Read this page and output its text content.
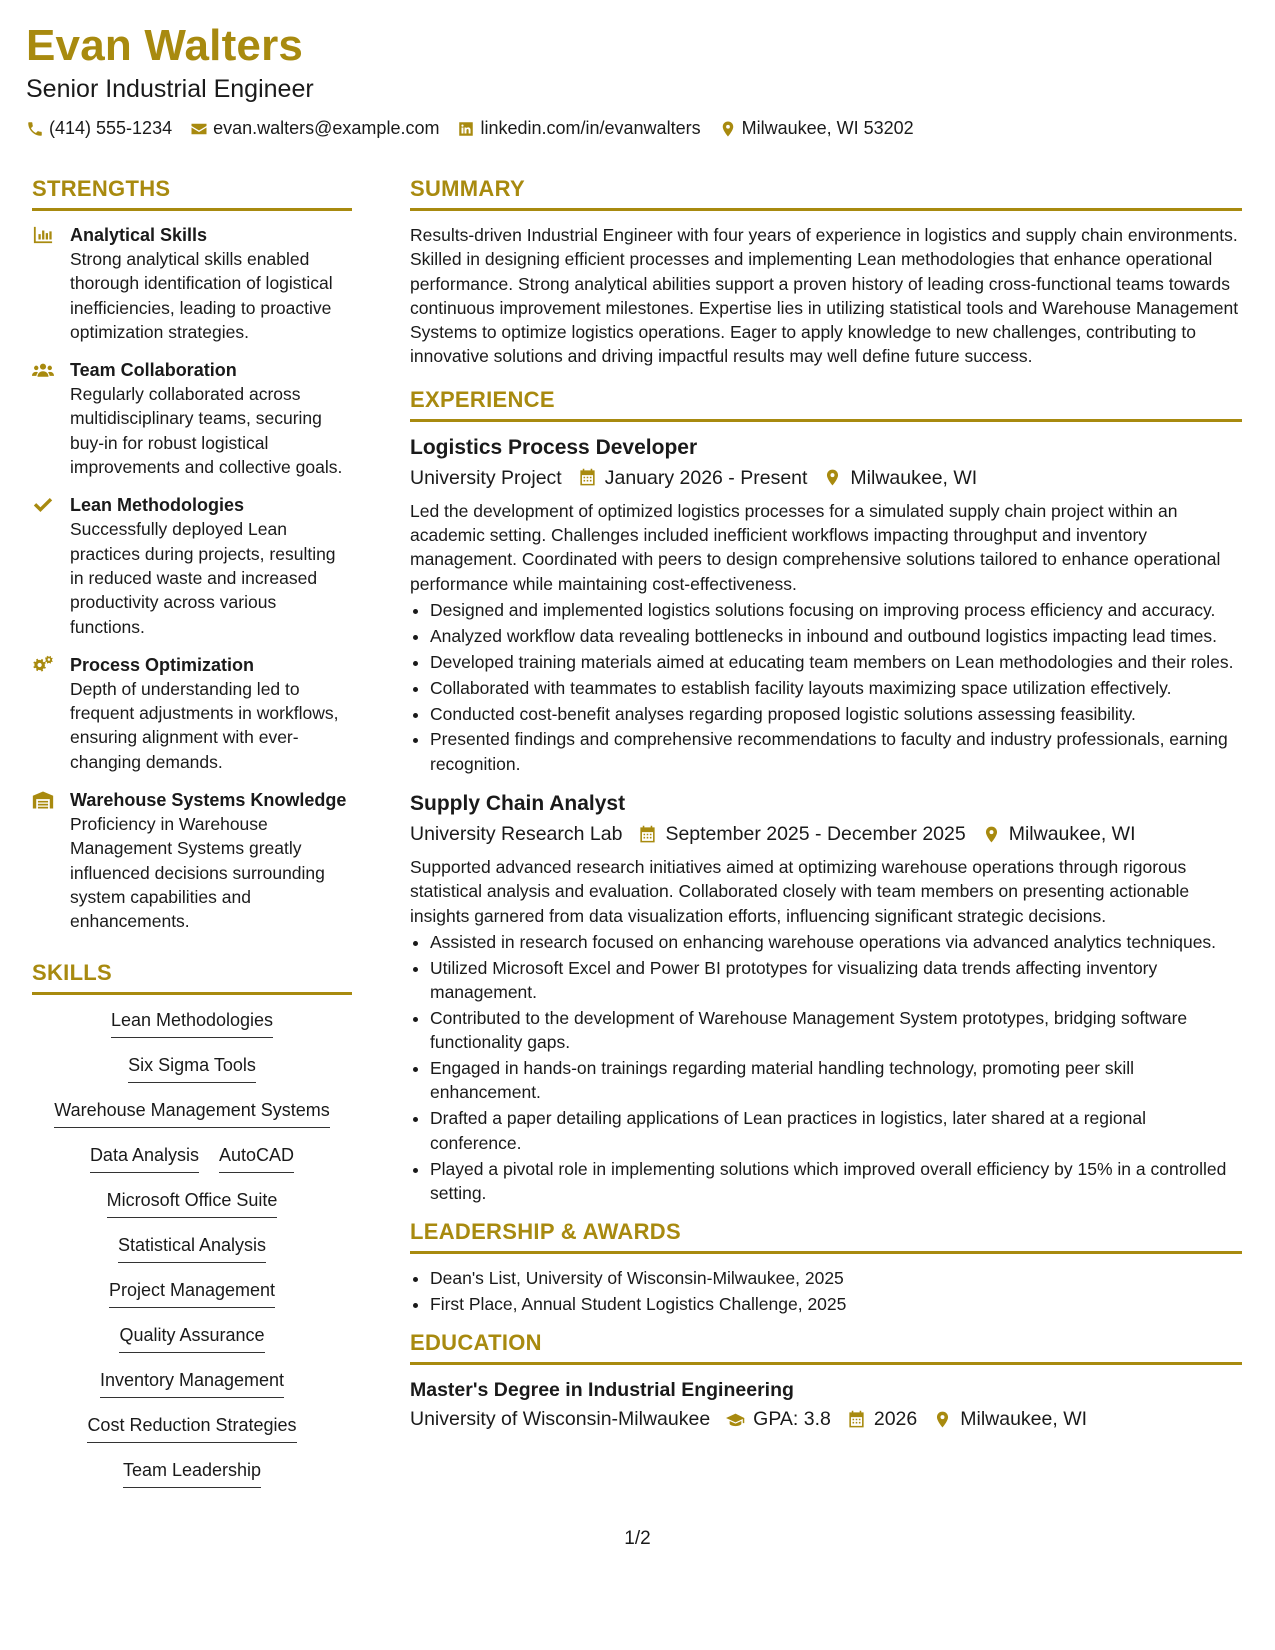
Evan Walters
Senior Industrial Engineer
(414) 555-1234 evan.walters@example.com linkedin.com/in/evanwalters Milwaukee, WI 53202
STRENGTHS
Analytical Skills
Strong analytical skills enabled thorough identification of logistical inefficiencies, leading to proactive optimization strategies.
Team Collaboration
Regularly collaborated across multidisciplinary teams, securing buy-in for robust logistical improvements and collective goals.
Lean Methodologies
Successfully deployed Lean practices during projects, resulting in reduced waste and increased productivity across various functions.
Process Optimization
Depth of understanding led to frequent adjustments in workflows, ensuring alignment with ever-changing demands.
Warehouse Systems Knowledge
Proficiency in Warehouse Management Systems greatly influenced decisions surrounding system capabilities and enhancements.
SKILLS
Lean Methodologies
Six Sigma Tools
Warehouse Management Systems
Data Analysis AutoCAD
Microsoft Office Suite
Statistical Analysis
Project Management
Quality Assurance
Inventory Management
Cost Reduction Strategies
Team Leadership
SUMMARY
Results-driven Industrial Engineer with four years of experience in logistics and supply chain environments. Skilled in designing efficient processes and implementing Lean methodologies that enhance operational performance. Strong analytical abilities support a proven history of leading cross-functional teams towards continuous improvement milestones. Expertise lies in utilizing statistical tools and Warehouse Management Systems to optimize logistics operations. Eager to apply knowledge to new challenges, contributing to innovative solutions and driving impactful results may well define future success.
EXPERIENCE
Logistics Process Developer
University Project January 2026 - Present Milwaukee, WI
Led the development of optimized logistics processes for a simulated supply chain project within an academic setting. Challenges included inefficient workflows impacting throughput and inventory management. Coordinated with peers to design comprehensive solutions tailored to enhance operational performance while maintaining cost-effectiveness.
• Designed and implemented logistics solutions focusing on improving process efficiency and accuracy.
• Analyzed workflow data revealing bottlenecks in inbound and outbound logistics impacting lead times.
• Developed training materials aimed at educating team members on Lean methodologies and their roles.
• Collaborated with teammates to establish facility layouts maximizing space utilization effectively.
• Conducted cost-benefit analyses regarding proposed logistic solutions assessing feasibility.
• Presented findings and comprehensive recommendations to faculty and industry professionals, earning recognition.
Supply Chain Analyst
University Research Lab September 2025 - December 2025 Milwaukee, WI
Supported advanced research initiatives aimed at optimizing warehouse operations through rigorous statistical analysis and evaluation. Collaborated closely with team members on presenting actionable insights garnered from data visualization efforts, influencing significant strategic decisions.
• Assisted in research focused on enhancing warehouse operations via advanced analytics techniques.
• Utilized Microsoft Excel and Power BI prototypes for visualizing data trends affecting inventory management.
• Contributed to the development of Warehouse Management System prototypes, bridging software functionality gaps.
• Engaged in hands-on trainings regarding material handling technology, promoting peer skill enhancement.
• Drafted a paper detailing applications of Lean practices in logistics, later shared at a regional conference.
• Played a pivotal role in implementing solutions which improved overall efficiency by 15% in a controlled setting.
LEADERSHIP & AWARDS
• Dean's List, University of Wisconsin-Milwaukee, 2025
• First Place, Annual Student Logistics Challenge, 2025
EDUCATION
Master's Degree in Industrial Engineering
University of Wisconsin-Milwaukee GPA: 3.8 2026 Milwaukee, WI
1/2
